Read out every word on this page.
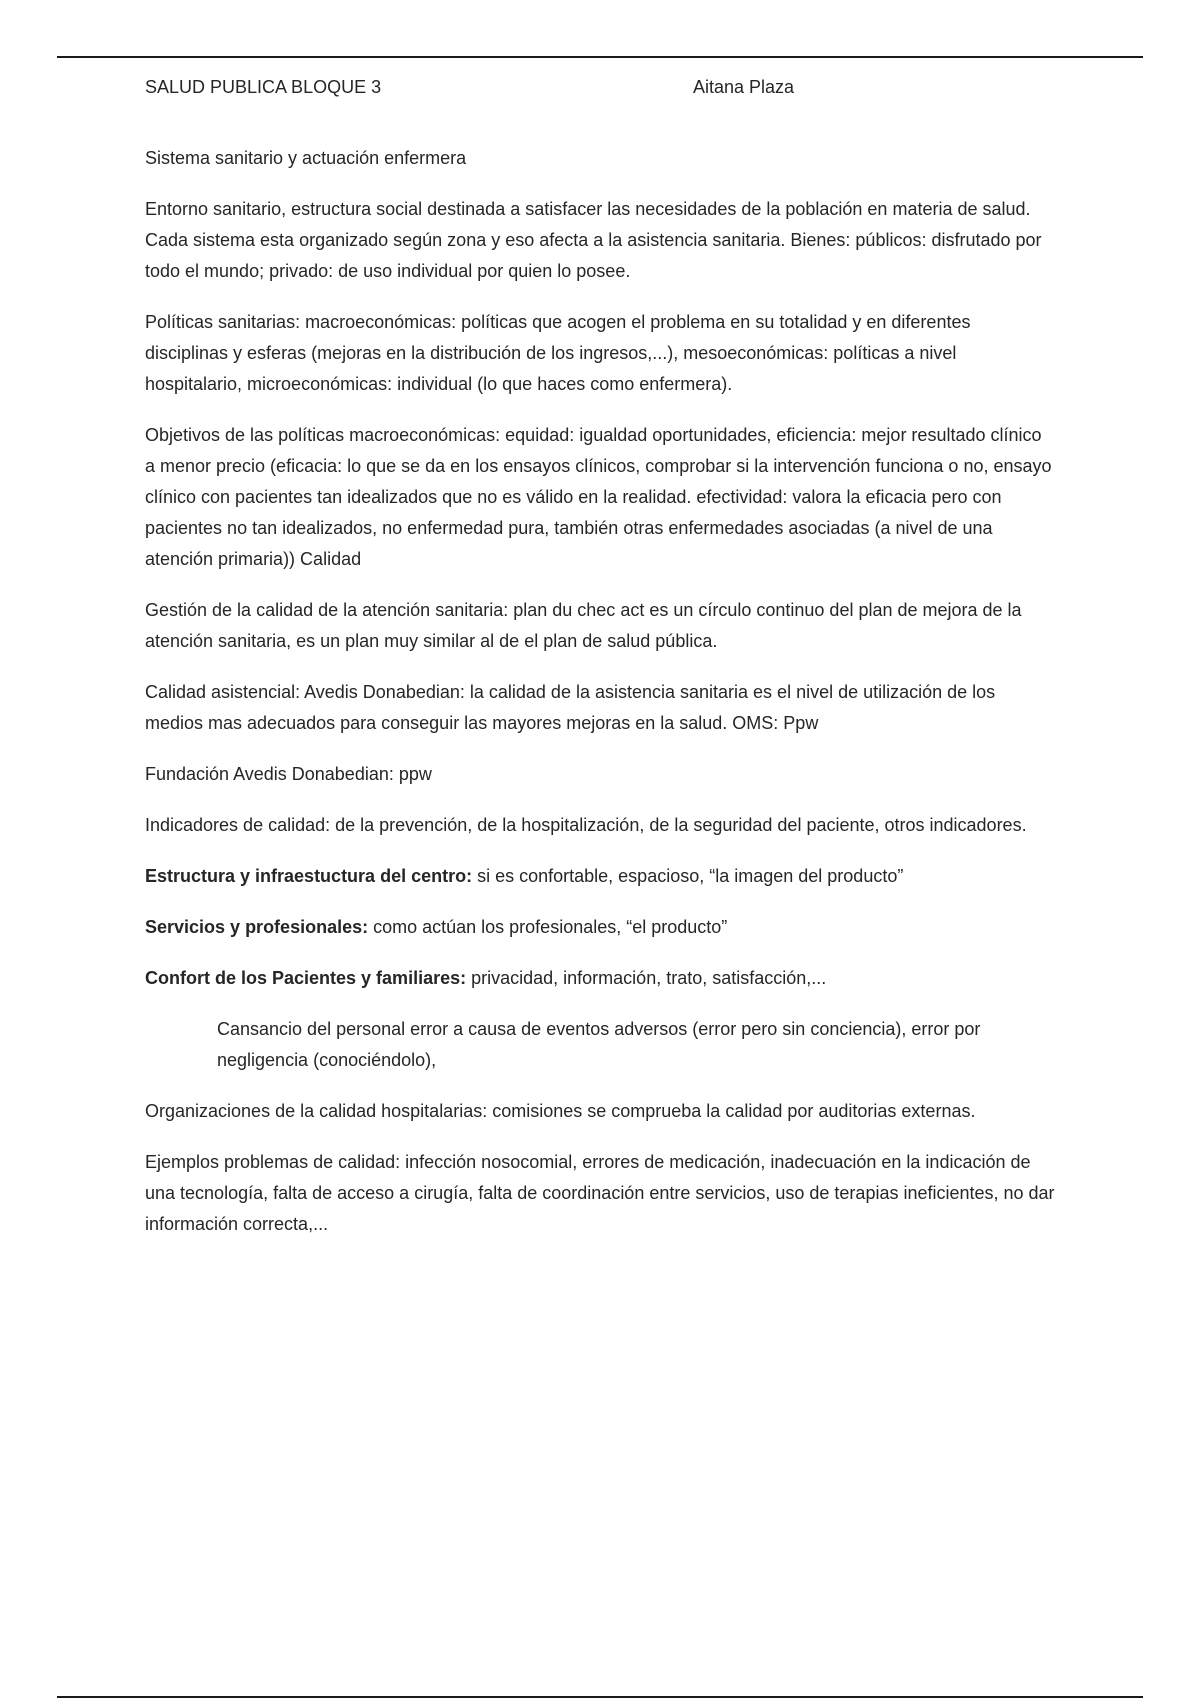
SALUD PUBLICA BLOQUE 3	Aitana Plaza

Sistema sanitario y actuación enfermera

Entorno sanitario, estructura social destinada a satisfacer las necesidades de la población en materia de salud. Cada sistema esta organizado según zona y eso afecta a la asistencia sanitaria. Bienes: públicos: disfrutado por todo el mundo; privado: de uso individual por quien lo posee.

Políticas sanitarias: macroeconómicas: políticas que acogen el problema en su totalidad y en diferentes disciplinas y esferas (mejoras en la distribución de los ingresos,...), mesoeconómicas: políticas a nivel hospitalario, microeconómicas: individual (lo que haces como enfermera).

Objetivos de las políticas macroeconómicas: equidad: igualdad oportunidades, eficiencia: mejor resultado clínico a menor precio (eficacia: lo que se da en los ensayos clínicos, comprobar si la intervención funciona o no, ensayo clínico con pacientes tan idealizados que no es válido en la realidad. efectividad: valora la eficacia pero con pacientes no tan idealizados, no enfermedad pura, también otras enfermedades asociadas (a nivel de una atención primaria)) Calidad

Gestión de la calidad de la atención sanitaria: plan du chec act es un círculo continuo del plan de mejora de la atención sanitaria, es un plan muy similar al de el plan de salud pública.

Calidad asistencial: Avedis Donabedian: la calidad de la asistencia sanitaria es el nivel de utilización de los medios mas adecuados para conseguir las mayores mejoras en la salud. OMS: Ppw

Fundación Avedis Donabedian: ppw

Indicadores de calidad: de la prevención, de la hospitalización, de la seguridad del paciente, otros indicadores.

Estructura y infraestuctura del centro: si es confortable, espacioso, “la imagen del producto”

Servicios y profesionales: como actúan los profesionales, “el producto”

Confort de los Pacientes y familiares: privacidad, información, trato, satisfacción,...

Cansancio del personal error a causa de eventos adversos (error pero sin conciencia), error por negligencia (conociéndolo),

Organizaciones de la calidad hospitalarias: comisiones se comprueba la calidad por auditorias externas.

Ejemplos problemas de calidad: infección nosocomial, errores de medicación, inadecuación en la indicación de una tecnología, falta de acceso a cirugía, falta de coordinación entre servicios, uso de terapias ineficientes, no dar información correcta,...
